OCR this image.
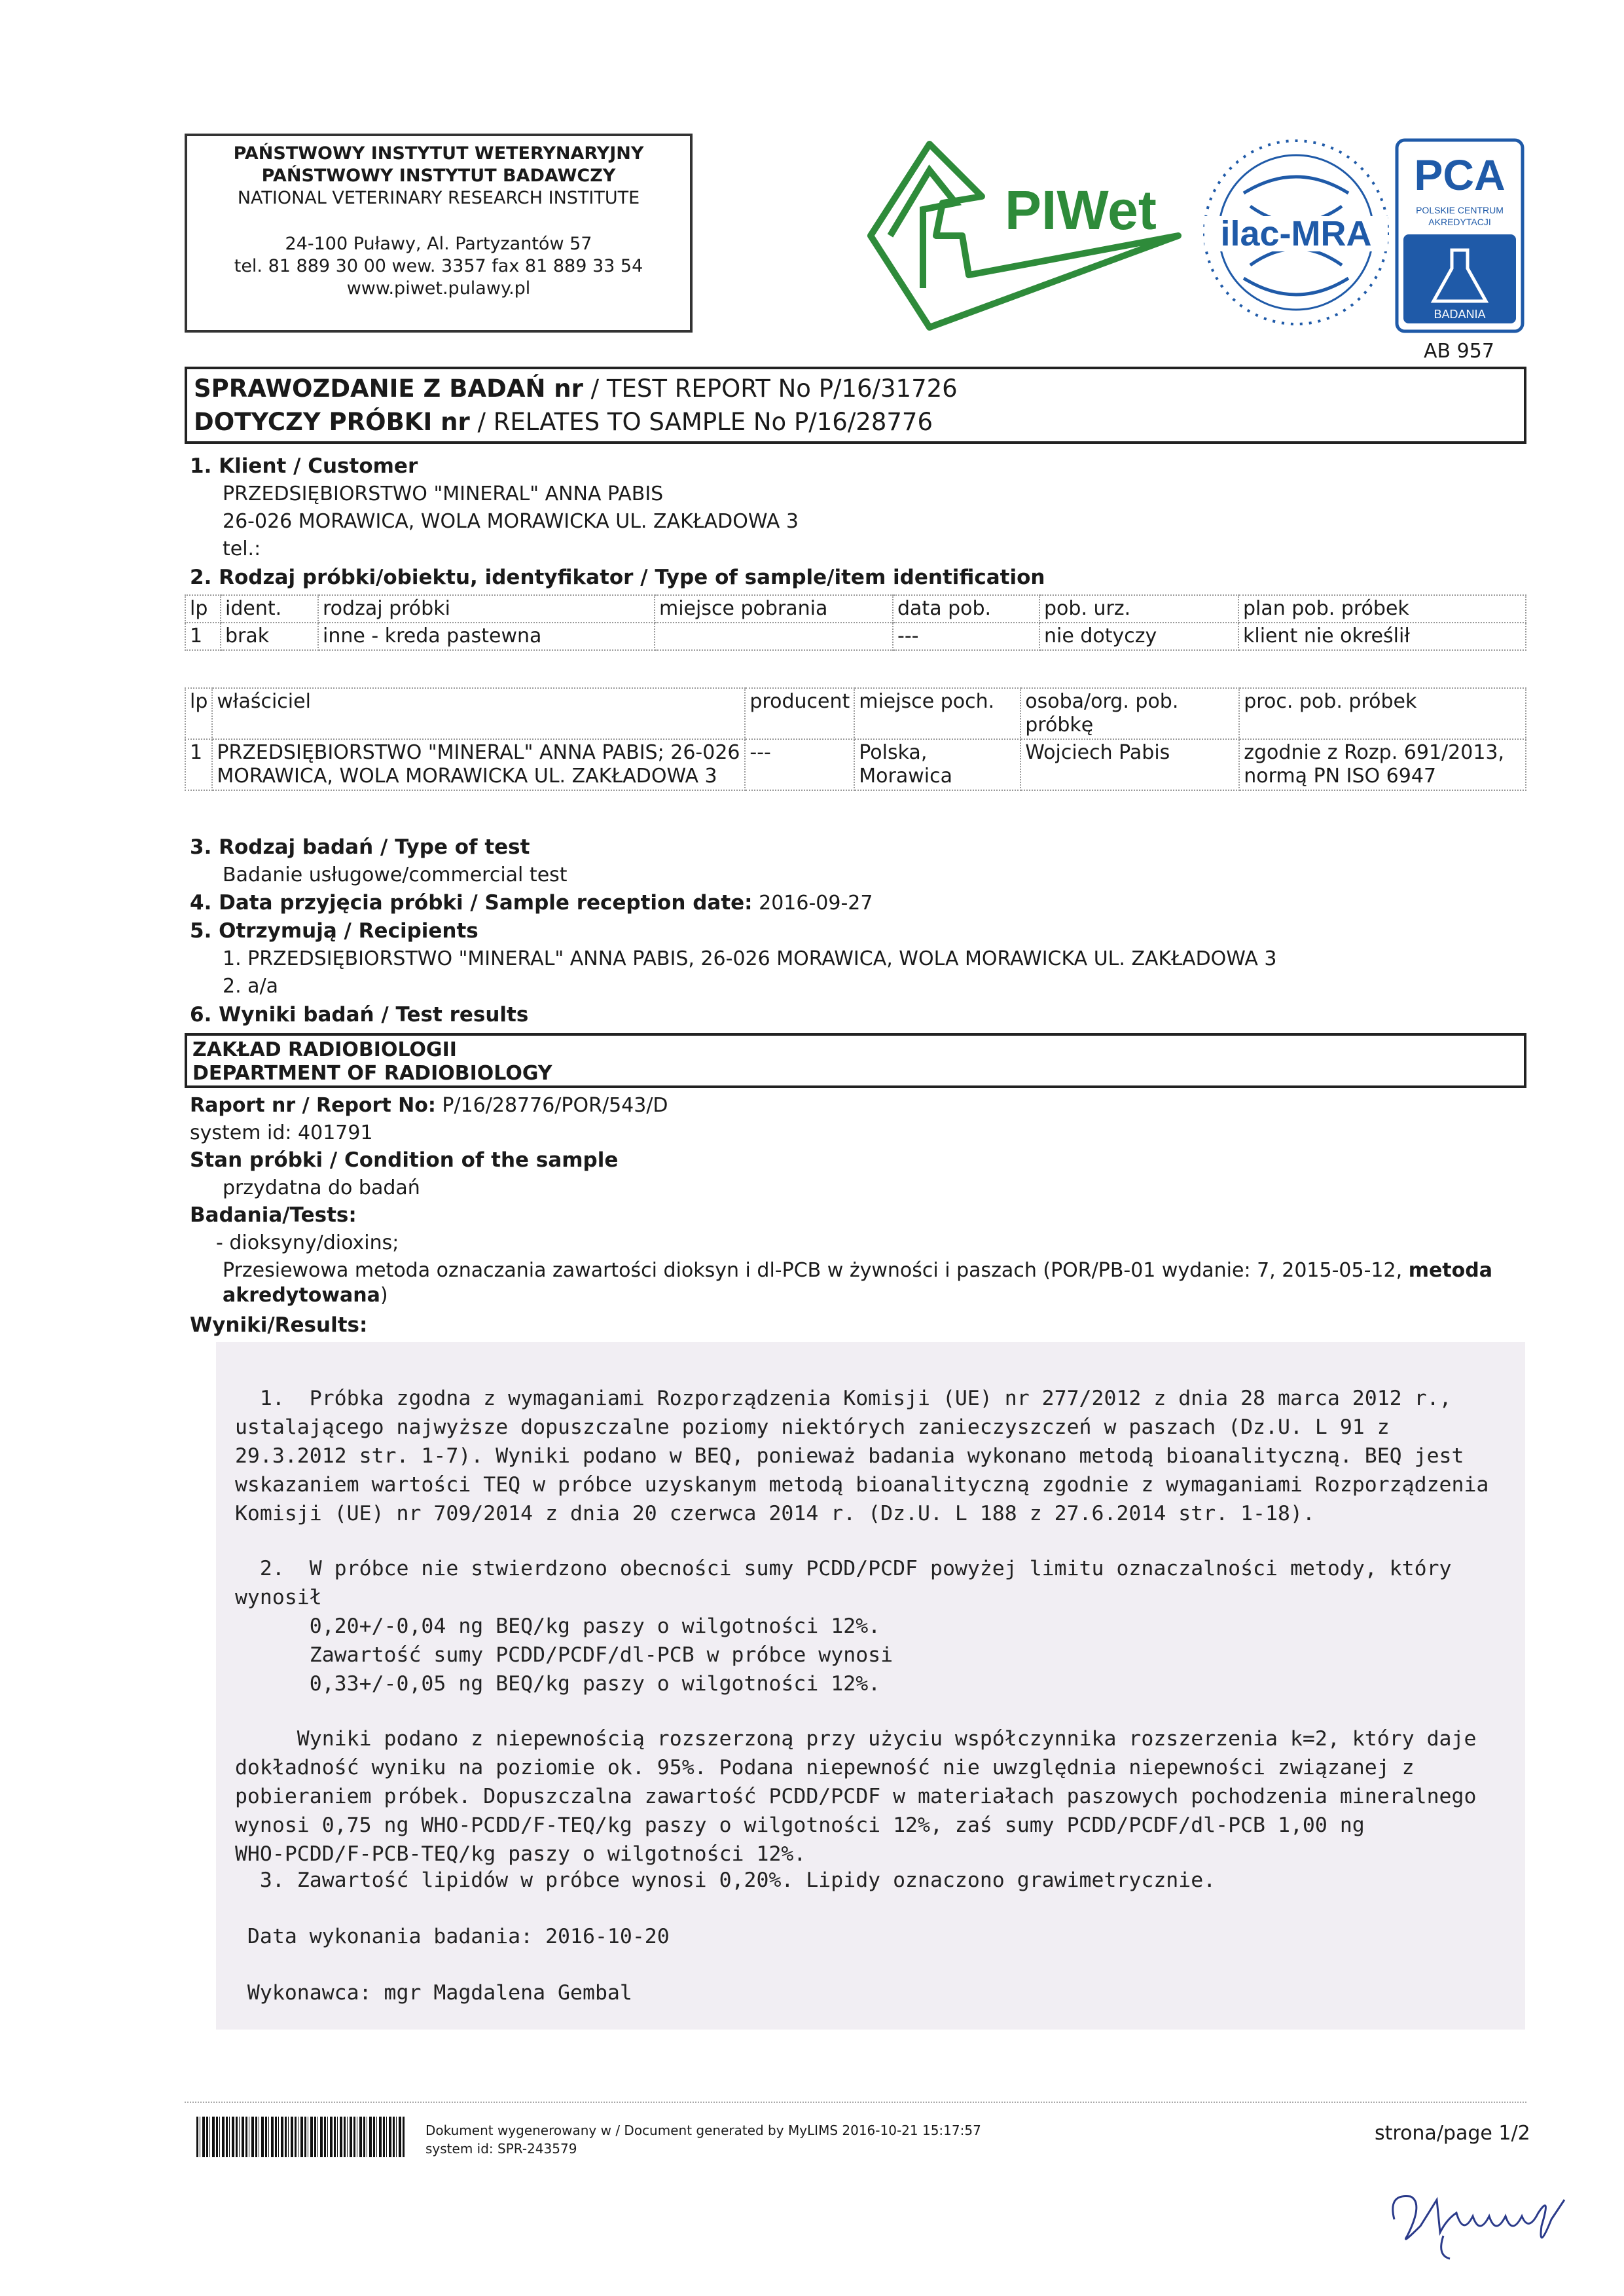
PAŃSTWOWY INSTYTUT WETERYNARYJNY
PAŃSTWOWY INSTYTUT BADAWCZY
NATIONAL VETERINARY RESEARCH INSTITUTE
24-100 Puławy, Al. Partyzantów 57
tel. 81 889 30 00 wew. 3357 fax 81 889 33 54
www.piwet.pulawy.pl
PIWet ilac-MRA
PCA
POLSKIE CENTRUM
AKREDYTACJI
BADANIA
AB 957
SPRAWOZDANIE Z BADAŃ nr / TEST REPORT No P/16/31726
DOTYCZY PRÓBKI nr / RELATES TO SAMPLE No P/16/28776
1. Klient / Customer
PRZEDSIĘBIORSTWO "MINERAL" ANNA PABIS
26-026 MORAWICA, WOLA MORAWICKA UL. ZAKŁADOWA 3
tel.:
2. Rodzaj próbki/obiektu, identyfikator / Type of sample/item identification
lp	ident.	rodzaj próbki	miejsce pobrania	data pob.	pob. urz.	plan pob. próbek
1	brak	inne - kreda pastewna		---	nie dotyczy	klient nie określił
lp	właściciel	producent	miejsce poch.	osoba/org. pob. próbkę	proc. pob. próbek
1	PRZEDSIĘBIORSTWO "MINERAL" ANNA PABIS; 26-026 MORAWICA, WOLA MORAWICKA UL. ZAKŁADOWA 3	---	Polska, Morawica	Wojciech Pabis	zgodnie z Rozp. 691/2013, normą PN ISO 6947
3. Rodzaj badań / Type of test
Badanie usługowe/commercial test
4. Data przyjęcia próbki / Sample reception date: 2016-09-27
5. Otrzymują / Recipients
1. PRZEDSIĘBIORSTWO "MINERAL" ANNA PABIS, 26-026 MORAWICA, WOLA MORAWICKA UL. ZAKŁADOWA 3
2. a/a
6. Wyniki badań / Test results
ZAKŁAD RADIOBIOLOGII
DEPARTMENT OF RADIOBIOLOGY
Raport nr / Report No: P/16/28776/POR/543/D
system id: 401791
Stan próbki / Condition of the sample
przydatna do badań
Badania/Tests:
- dioksyny/dioxins;
Przesiewowa metoda oznaczania zawartości dioksyn i dl-PCB w żywności i paszach (POR/PB-01 wydanie: 7, 2015-05-12, metoda
akredytowana)
Wyniki/Results:

1.  Próbka zgodna z wymaganiami Rozporządzenia Komisji (UE) nr 277/2012 z dnia 28 marca 2012 r.,
ustalającego najwyższe dopuszczalne poziomy niektórych zanieczyszczeń w paszach (Dz.U. L 91 z
29.3.2012 str. 1-7). Wyniki podano w BEQ, ponieważ badania wykonano metodą bioanalityczną. BEQ jest
wskazaniem wartości TEQ w próbce uzyskanym metodą bioanalityczną zgodnie z wymaganiami Rozporządzenia
Komisji (UE) nr 709/2014 z dnia 20 czerwca 2014 r. (Dz.U. L 188 z 27.6.2014 str. 1-18).

2.  W próbce nie stwierdzono obecności sumy PCDD/PCDF powyżej limitu oznaczalności metody, który
wynosił
0,20+/-0,04 ng BEQ/kg paszy o wilgotności 12%.
Zawartość sumy PCDD/PCDF/dl-PCB w próbce wynosi
0,33+/-0,05 ng BEQ/kg paszy o wilgotności 12%.

Wyniki podano z niepewnością rozszerzoną przy użyciu współczynnika rozszerzenia k=2, który daje
dokładność wyniku na poziomie ok. 95%. Podana niepewność nie uwzględnia niepewności związanej z
pobieraniem próbek. Dopuszczalna zawartość PCDD/PCDF w materiałach paszowych pochodzenia mineralnego
wynosi 0,75 ng WHO-PCDD/F-TEQ/kg paszy o wilgotności 12%, zaś sumy PCDD/PCDF/dl-PCB 1,00 ng
WHO-PCDD/F-PCB-TEQ/kg paszy o wilgotności 12%.

3. Zawartość lipidów w próbce wynosi 0,20%. Lipidy oznaczono grawimetrycznie.
Data wykonania badania: 2016-10-20
Wykonawca: mgr Magdalena Gembal
Dokument wygenerowany w / Document generated by MyLIMS 2016-10-21 15:17:57
system id: SPR-243579
strona/page 1/2
